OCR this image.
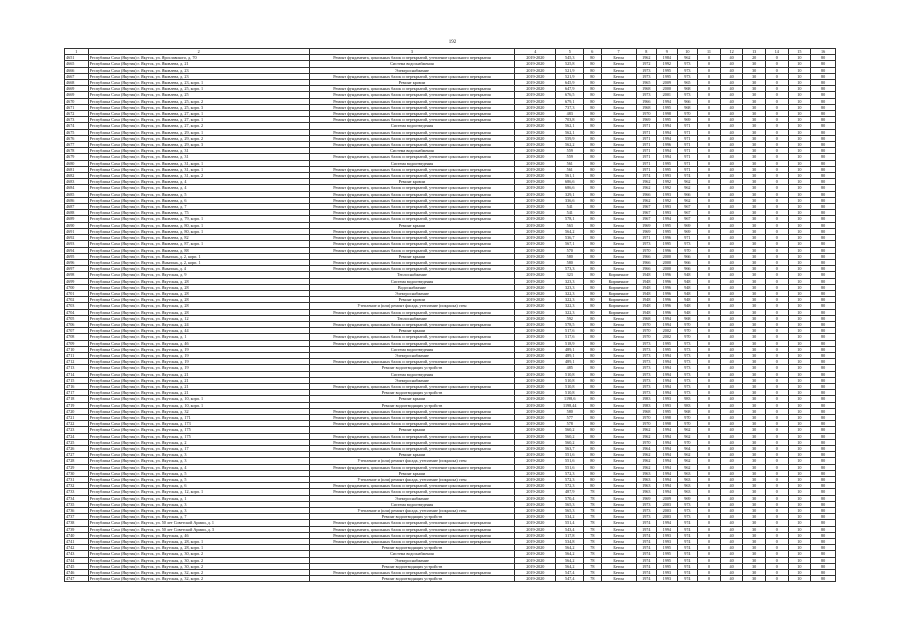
192
1	2	3	4	5	6	7	8	9	10	11	12	13	14	15	16
4651	Республика Саха (Якутия) г. Якутск, ул. Ярославского, д. 70	Ремонт фундамента, цокольных балок и перекрытий, утепление цокольного перекрытия	2019-2020	545,3	80	Бетон	1962	1984	962	0	40	20	0	10	80
4665	Республика Саха (Якутия) г. Якутск, ул. Яковлева, д. 21	Система водоснабжения	2019-2020	525,8	80	Бетон	1972	1992	973	0	40	30	0	10	80
4666	Республика Саха (Якутия) г. Якутск, ул. Яковлева, д. 23	Электроснабжение	2019-2020	521,9	80	Бетон	1973	1995	973	0	40	30	0	10	80
4667	Республика Саха (Якутия) г. Якутск, ул. Яковлева, д. 23	Ремонт фундамента, цокольных балок и перекрытий, утепление цокольного перекрытия	2019-2020	521,9	80	Бетон	1973	1995	973	0	40	30	0	10	80
4668	Республика Саха (Якутия) г. Якутск, ул. Яковлева, д. 23, корп. 1	Ремонт кровли	2019-2020	645,9	80	Бетон	1965	2009	965	0	40	30	0	10	80
4669	Республика Саха (Якутия) г. Якутск, ул. Яковлева, д. 25, корп. 1	Ремонт фундамента, цокольных балок и перекрытий, утепление цокольного перекрытия	2019-2020	647,9	80	Бетон	1968	2000	968	0	40	30	0	10	80
4669	Республика Саха (Якутия) г. Якутск, ул. Яковлева, д. 25	Ремонт фундамента, цокольных балок и перекрытий, утепление цокольного перекрытия	2019-2020	676,5	80	Бетон	1973	2001	973	0	40	30	0	10	80
4670	Республика Саха (Якутия) г. Якутск, ул. Яковлева, д. 25, корп. 2	Ремонт фундамента, цокольных балок и перекрытий, утепление цокольного перекрытия	2019-2020	679,1	80	Бетон	1966	1994	966	0	40	30	0	10	80
4671	Республика Саха (Якутия) г. Якутск, ул. Яковлева, д. 25, корп. 3	Ремонт фундамента, цокольных балок и перекрытий, утепление цокольного перекрытия	2019-2020	737,3	80	Бетон	1968	1995	968	0	40	30	0	10	80
4672	Республика Саха (Якутия) г. Якутск, ул. Яковлева, д. 27, корп. 1	Ремонт фундамента, цокольных балок и перекрытий, утепление цокольного перекрытия	2019-2020	483	80	Бетон	1970	1998	970	0	40	30	0	10	80
4673	Республика Саха (Якутия) г. Якутск, ул. Яковлева, д. 27, корп. 1	Ремонт фундамента, цокольных балок и перекрытий, утепление цокольного перекрытия	2019-2020	703,8	80	Бетон	1969	1995	969	0	40	30	0	10	80
4674	Республика Саха (Якутия) г. Якутск, ул. Яковлева, д. 27, корп. 2	Система водоотведения	2019-2020	562,1	80	Бетон	1971	1994	971	0	40	30	0	10	80
4675	Республика Саха (Якутия) г. Якутск, ул. Яковлева, д. 29, корп. 1	Ремонт фундамента, цокольных балок и перекрытий, утепление цокольного перекрытия	2019-2020	562,1	80	Бетон	1971	1994	971	0	40	30	0	10	80
4676	Республика Саха (Якутия) г. Якутск, ул. Яковлева, д. 29, корп. 2	Ремонт фундамента, цокольных балок и перекрытий, утепление цокольного перекрытия	2019-2020	559,9	80	Бетон	1971	1994	971	0	40	30	0	10	80
4677	Республика Саха (Якутия) г. Якутск, ул. Яковлева, д. 29, корп. 3	Ремонт фундамента, цокольных балок и перекрытий, утепление цокольного перекрытия	2019-2020	562,2	80	Бетон	1971	1996	971	0	40	30	0	10	80
4678	Республика Саха (Якутия) г. Якутск, ул. Яковлева, д. 31	Система водоснабжения	2019-2020	559	80	Бетон	1971	1994	971	0	40	30	0	10	80
4679	Республика Саха (Якутия) г. Якутск, ул. Яковлева, д. 31	Ремонт фундамента, цокольных балок и перекрытий, утепление цокольного перекрытия	2019-2020	559	80	Бетон	1971	1994	971	0	40	30	0	10	80
4680	Республика Саха (Якутия) г. Якутск, ул. Яковлева, д. 31, корп. 1	Система водоотведения	2019-2020	561	80	Бетон	1971	1995	971	0	40	30	0	10	80
4681	Республика Саха (Якутия) г. Якутск, ул. Яковлева, д. 31, корп. 1	Ремонт фундамента, цокольных балок и перекрытий, утепление цокольного перекрытия	2019-2020	561	80	Бетон	1971	1995	971	0	40	30	0	10	80
4682	Республика Саха (Якутия) г. Якутск, ул. Яковлева, д. 31, корп. 2	Ремонт фундамента, цокольных балок и перекрытий, утепление цокольного перекрытия	2019-2020	561,1	80	Бетон	1974	1993	974	0	40	30	0	10	80
4683	Республика Саха (Якутия) г. Якутск, ул. Яковлева, д. 4	Ремонт кровли	2019-2020	686,6	80	Бетон	1962	1992	962	0	40	30	0	10	80
4684	Республика Саха (Якутия) г. Якутск, ул. Яковлева, д. 4	Ремонт фундамента, цокольных балок и перекрытий, утепление цокольного перекрытия	2019-2020	686,6	80	Бетон	1962	1992	962	0	40	30	0	10	80
4685	Республика Саха (Якутия) г. Якутск, ул. Яковлева, д. 5	Ремонт фундамента, цокольных балок и перекрытий, утепление цокольного перекрытия	2019-2020	329,1	80	Бетон	1966	1993	966	0	40	30	0	10	80
4686	Республика Саха (Якутия) г. Якутск, ул. Яковлева, д. 6	Ремонт фундамента, цокольных балок и перекрытий, утепление цокольного перекрытия	2019-2020	336,6	80	Бетон	1962	1992	962	0	40	30	0	10	80
4687	Республика Саха (Якутия) г. Якутск, ул. Яковлева, д. 7	Ремонт фундамента, цокольных балок и перекрытий, утепление цокольного перекрытия	2019-2020	541	80	Бетон	1967	1993	967	0	40	30	0	10	80
4688	Республика Саха (Якутия) г. Якутск, ул. Яковлева, д. 75	Ремонт фундамента, цокольных балок и перекрытий, утепление цокольного перекрытия	2019-2020	541	80	Бетон	1967	1993	967	0	40	30	0	10	80
4689	Республика Саха (Якутия) г. Якутск, ул. Яковлева, д. 79, корп. 1	Ремонт фундамента, цокольных балок и перекрытий, утепление цокольного перекрытия	2019-2020	578,1	80	Бетон	1967	1994	967	0	40	30	0	10	80
4690	Республика Саха (Якутия) г. Якутск, ул. Яковлева, д. 80, корп. 1	Ремонт крыши	2019-2020	563	80	Бетон	1969	1995	969	0	40	30	0	10	80
4691	Республика Саха (Якутия) г. Якутск, ул. Яковлева, д. 80, корп. 1	Ремонт фундамента, цокольных балок и перекрытий, утепление цокольного перекрытия	2019-2020	564,2	80	Бетон	1969	1995	969	0	40	30	0	10	80
4692	Республика Саха (Якутия) г. Якутск, ул. Яковлева, д. 82	Ремонт фундамента, цокольных балок и перекрытий, утепление цокольного перекрытия	2019-2020	536,7	80	Бетон	1971	1996	971	0	40	30	0	10	80
4693	Республика Саха (Якутия) г. Якутск, ул. Яковлева, д. 87, корп. 1	Ремонт фундамента, цокольных балок и перекрытий, утепление цокольного перекрытия	2019-2020	567,1	80	Бетон	1973	1995	973	0	40	30	0	10	80
4694	Республика Саха (Якутия) г. Якутск, ул. Яковлева, д. 88	Ремонт фундамента, цокольных балок и перекрытий, утепление цокольного перекрытия	2019-2020	570	80	Бетон	1970	1996	970	0	40	30	0	10	80
4695	Республика Саха (Якутия) г. Якутск, ул. Яныгина, д. 2, корп. 1	Ремонт крыши	2019-2020	580	80	Бетон	1966	2000	966	0	40	30	0	10	80
4696	Республика Саха (Якутия) г. Якутск, ул. Яныгина, д. 2, корп. 1	Ремонт фундамента, цокольных балок и перекрытий, утепление цокольного перекрытия	2019-2020	580	80	Бетон	1966	2000	966	0	40	30	0	10	80
4697	Республика Саха (Якутия) г. Якутск, ул. Яныгина, д. 4	Ремонт фундамента, цокольных балок и перекрытий, утепление цокольного перекрытия	2019-2020	573,3	80	Бетон	1966	2000	966	0	40	30	0	10	80
4698	Республика Саха (Якутия) г. Якутск, ул. Якутская, д. 9	Теплоснабжение	2019-2020	323	80	Кирпичное	1948	1996	948	0	40	30	0	10	80
4699	Республика Саха (Якутия) г. Якутск, ул. Якутская, д. 28	Система водоотведения	2019-2020	323,3	80	Кирпичное	1948	1996	948	0	40	30	0	10	80
4700	Республика Саха (Якутия) г. Якутск, ул. Якутская, д. 28	Водоснабжение	2019-2020	323,3	80	Кирпичное	1948	1996	948	0	40	30	0	10	80
4701	Республика Саха (Якутия) г. Якутск, ул. Якутская, д. 28	Электроснабжение	2019-2020	322,3	80	Кирпичное	1948	1996	948	0	40	30	0	10	80
4702	Республика Саха (Якутия) г. Якутск, ул. Якутская, д. 28	Ремонт кровли	2019-2020	322,3	80	Кирпичное	1948	1996	948	0	40	30	0	10	80
4703	Республика Саха (Якутия) г. Якутск, ул. Якутская, д. 28	Утепление и (или) ремонт фасада, утепление (покраска) стен	2019-2020	322,3	80	Кирпичное	1948	1996	948	0	40	30	0	10	80
4704	Республика Саха (Якутия) г. Якутск, ул. Якутская, д. 28	Ремонт фундамента, цокольных балок и перекрытий, утепление цокольного перекрытия	2019-2020	322,3	80	Кирпичное	1948	1996	948	0	40	30	0	10	80
4705	Республика Саха (Якутия) г. Якутск, ул. Якутская, д. 12	Теплоснабжение	2019-2020	592	80	Бетон	1968	1994	968	0	40	30	0	10	80
4706	Республика Саха (Якутия) г. Якутск, ул. Якутская, д. 24	Ремонт фундамента, цокольных балок и перекрытий, утепление цокольного перекрытия	2019-2020	578,5	80	Бетон	1970	1994	970	0	40	30	0	10	80
4707	Республика Саха (Якутия) г. Якутск, ул. Якутская, д. 44	Ремонт крыши	2019-2020	517,6	80	Бетон	1970	2002	970	0	40	30	0	10	80
4708	Республика Саха (Якутия) г. Якутск, ул. Якутская, д. 1	Ремонт фундамента, цокольных балок и перекрытий, утепление цокольного перекрытия	2019-2020	517,6	80	Бетон	1970	2002	970	0	40	30	0	10	80
4709	Республика Саха (Якутия) г. Якутск, ул. Якутская, д. 46	Ремонт фундамента, цокольных балок и перекрытий, утепление цокольного перекрытия	2019-2020	518,9	80	Бетон	1973	1995	973	0	40	30	0	10	80
4710	Республика Саха (Якутия) г. Якутск, ул. Якутская, д. 19	Система водоотведения	2019-2020	489,1	80	Бетон	1973	1995	973	0	40	30	0	10	80
4711	Республика Саха (Якутия) г. Якутск, ул. Якутская, д. 19	Электроснабжение	2019-2020	489,1	80	Бетон	1973	1994	973	0	40	30	0	10	80
4712	Республика Саха (Якутия) г. Якутск, ул. Якутская, д. 19	Ремонт фундамента, цокольных балок и перекрытий, утепление цокольного перекрытия	2019-2020	489,1	80	Бетон	1973	1994	973	0	40	30	0	10	80
4713	Республика Саха (Якутия) г. Якутск, ул. Якутская, д. 19	Ремонт водоотводящих устройств	2019-2020	485	80	Бетон	1973	1994	973	0	40	30	0	10	80
4714	Республика Саха (Якутия) г. Якутск, ул. Якутская, д. 21	Система водоотведения	2019-2020	510,8	80	Бетон	1973	1994	973	0	40	30	0	10	80
4715	Республика Саха (Якутия) г. Якутск, ул. Якутская, д. 21	Электроснабжение	2019-2020	510,8	80	Бетон	1973	1994	973	0	40	30	0	10	80
4716	Республика Саха (Якутия) г. Якутск, ул. Якутская, д. 21	Ремонт фундамента, цокольных балок и перекрытий, утепление цокольного перекрытия	2019-2020	510,8	80	Бетон	1973	1994	973	0	40	30	0	10	80
4717	Республика Саха (Якутия) г. Якутск, ул. Якутская, д. 21	Ремонт водоотводящих устройств	2019-2020	510,8	80	Бетон	1973	1994	973	0	40	30	0	10	80
4718	Республика Саха (Якутия) г. Якутск, ул. Якутская, д. 10, корп. 1	Ремонт крыши	2019-2020	1198,6	80	Бетон	1983	1993	983	0	40	30	0	10	80
4719	Республика Саха (Якутия) г. Якутск, ул. Якутская, д. 10, корп. 1	Ремонт водоотводящих устройств	2019-2020	1198,44	80	Бетон	1983	1993	983	0	40	30	0	10	80
4720	Республика Саха (Якутия) г. Якутск, ул. Якутская, д. 32	Ремонт фундамента, цокольных балок и перекрытий, утепление цокольного перекрытия	2019-2020	580	80	Бетон	1968	1995	968	0	40	30	0	10	80
4721	Республика Саха (Якутия) г. Якутск, ул. Якутская, д. 171	Ремонт фундамента, цокольных балок и перекрытий, утепление цокольного перекрытия	2019-2020	577	80	Бетон	1970	1998	970	0	40	30	0	10	80
4722	Республика Саха (Якутия) г. Якутск, ул. Якутская, д. 173	Ремонт фундамента, цокольных балок и перекрытий, утепление цокольного перекрытия	2019-2020	578	80	Бетон	1970	1998	970	0	40	30	0	10	80
4723	Республика Саха (Якутия) г. Якутск, ул. Якутская, д. 175	Ремонт крыши	2019-2020	560,2	80	Бетон	1962	1994	962	0	40	30	0	10	80
4724	Республика Саха (Якутия) г. Якутск, ул. Якутская, д. 175	Ремонт фундамента, цокольных балок и перекрытий, утепление цокольного перекрытия	2019-2020	560,2	80	Бетон	1962	1994	962	0	40	30	0	10	80
4725	Республика Саха (Якутия) г. Якутск, ул. Якутская, д. 2	Ремонт фундамента, цокольных балок и перекрытий, утепление цокольного перекрытия	2019-2020	560,2	80	Бетон	1970	1994	970	0	40	30	0	10	80
4726	Республика Саха (Якутия) г. Якутск, ул. Якутская, д. 17	Ремонт фундамента, цокольных балок и перекрытий, утепление цокольного перекрытия	2019-2020	563,7	80	Бетон	1964	1994	964	0	40	30	0	10	80
4727	Республика Саха (Якутия) г. Якутск, ул. Якутская, д. 3	Ремонт крыши	2019-2020	551,6	80	Бетон	1962	1994	962	0	40	30	0	10	80
4728	Республика Саха (Якутия) г. Якутск, ул. Якутская, д. 3	Утепление и (или) ремонт фасада, утепление (покраска) стен	2019-2020	551,6	80	Бетон	1962	1994	962	0	40	30	0	10	80
4729	Республика Саха (Якутия) г. Якутск, ул. Якутская, д. 4	Ремонт фундамента, цокольных балок и перекрытий, утепление цокольного перекрытия	2019-2020	551,6	80	Бетон	1962	1994	962	0	40	30	0	10	80
4730	Республика Саха (Якутия) г. Якутск, ул. Якутская, д. 5	Ремонт крыши	2019-2020	572,3	80	Бетон	1963	1994	963	0	40	30	0	10	80
4731	Республика Саха (Якутия) г. Якутск, ул. Якутская, д. 5	Утепление и (или) ремонт фасада, утепление (покраска) стен	2019-2020	572,3	80	Бетон	1963	1994	963	0	40	30	0	10	80
4732	Республика Саха (Якутия) г. Якутск, ул. Якутская, д. 6	Ремонт фундамента, цокольных балок и перекрытий, утепление цокольного перекрытия	2019-2020	572,3	80	Бетон	1963	1994	963	0	40	30	0	10	80
4733	Республика Саха (Якутия) г. Якутск, ул. Якутская, д. 12, корп. 1	Ремонт фундамента, цокольных балок и перекрытий, утепление цокольного перекрытия	2019-2020	487,9	78	Бетон	1963	1994	963	0	40	30	0	10	80
4734	Республика Саха (Якутия) г. Якутск, ул. Якутская, д. 1	Электроснабжение	2019-2020	570,4	78	Бетон	1969	2009	969	0	40	30	0	10	80
4735	Республика Саха (Якутия) г. Якутск, ул. Якутская, д. 3	Система водоотведения	2019-2020	565,3	78	Бетон	1973	2003	973	0	40	30	0	10	80
4736	Республика Саха (Якутия) г. Якутск, ул. Якутская, д. 3	Утепление и (или) ремонт фасада, утепление (покраска) стен	2019-2020	565,3	78	Бетон	1973	2003	973	0	40	30	0	10	80
4737	Республика Саха (Якутия) г. Якутск, ул. Якутская, д. 7	Ремонт водоотводящих устройств	2019-2020	534,2	78	Бетон	1973	2003	973	0	40	30	0	10	80
4738	Республика Саха (Якутия) г. Якутск, ул. 50 лет Советской Армии, д. 1	Ремонт фундамента, цокольных балок и перекрытий, утепление цокольного перекрытия	2019-2020	551,4	78	Бетон	1974	1994	974	0	40	30	0	10	80
4739	Республика Саха (Якутия) г. Якутск, ул. 50 лет Советской Армии, д. 3	Ремонт фундамента, цокольных балок и перекрытий, утепление цокольного перекрытия	2019-2020	543,4	78	Бетон	1974	1994	974	0	40	30	0	10	80
4740	Республика Саха (Якутия) г. Якутск, ул. Якутская, д. 46	Ремонт фундамента, цокольных балок и перекрытий, утепление цокольного перекрытия	2019-2020	317,8	78	Бетон	1974	1993	974	0	40	30	0	10	80
4741	Республика Саха (Якутия) г. Якутск, ул. Якутская, д. 28, корп. 1	Ремонт фундамента, цокольных балок и перекрытий, утепление цокольного перекрытия	2019-2020	534,8	78	Бетон	1974	1993	974	0	40	30	0	10	80
4742	Республика Саха (Якутия) г. Якутск, ул. Якутская, д. 28, корп. 1	Ремонт водоотводящих устройств	2019-2020	564,2	78	Бетон	1974	1995	974	0	40	30	0	10	80
4743	Республика Саха (Якутия) г. Якутск, ул. Якутская, д. 30, корп. 2	Система водоснабжения	2019-2020	564,2	78	Бетон	1974	1995	974	0	40	30	0	10	80
4744	Республика Саха (Якутия) г. Якутск, ул. Якутская, д. 30, корп. 2	Электроснабжение	2019-2020	564,2	78	Бетон	1974	1995	974	0	40	30	0	10	80
4745	Республика Саха (Якутия) г. Якутск, ул. Якутская, д. 30, корп. 2	Ремонт водоотводящих устройств	2019-2020	564,2	78	Бетон	1974	1995	974	0	40	30	0	10	80
4746	Республика Саха (Якутия) г. Якутск, ул. Якутская, д. 32, корп. 2	Ремонт фундамента, цокольных балок и перекрытий, утепление цокольного перекрытия	2019-2020	547,4	78	Бетон	1974	1993	974	0	40	30	0	10	80
4747	Республика Саха (Якутия) г. Якутск, ул. Якутская, д. 32, корп. 2	Ремонт водоотводящих устройств	2019-2020	547,4	78	Бетон	1974	1993	974	0	40	30	0	10	80
